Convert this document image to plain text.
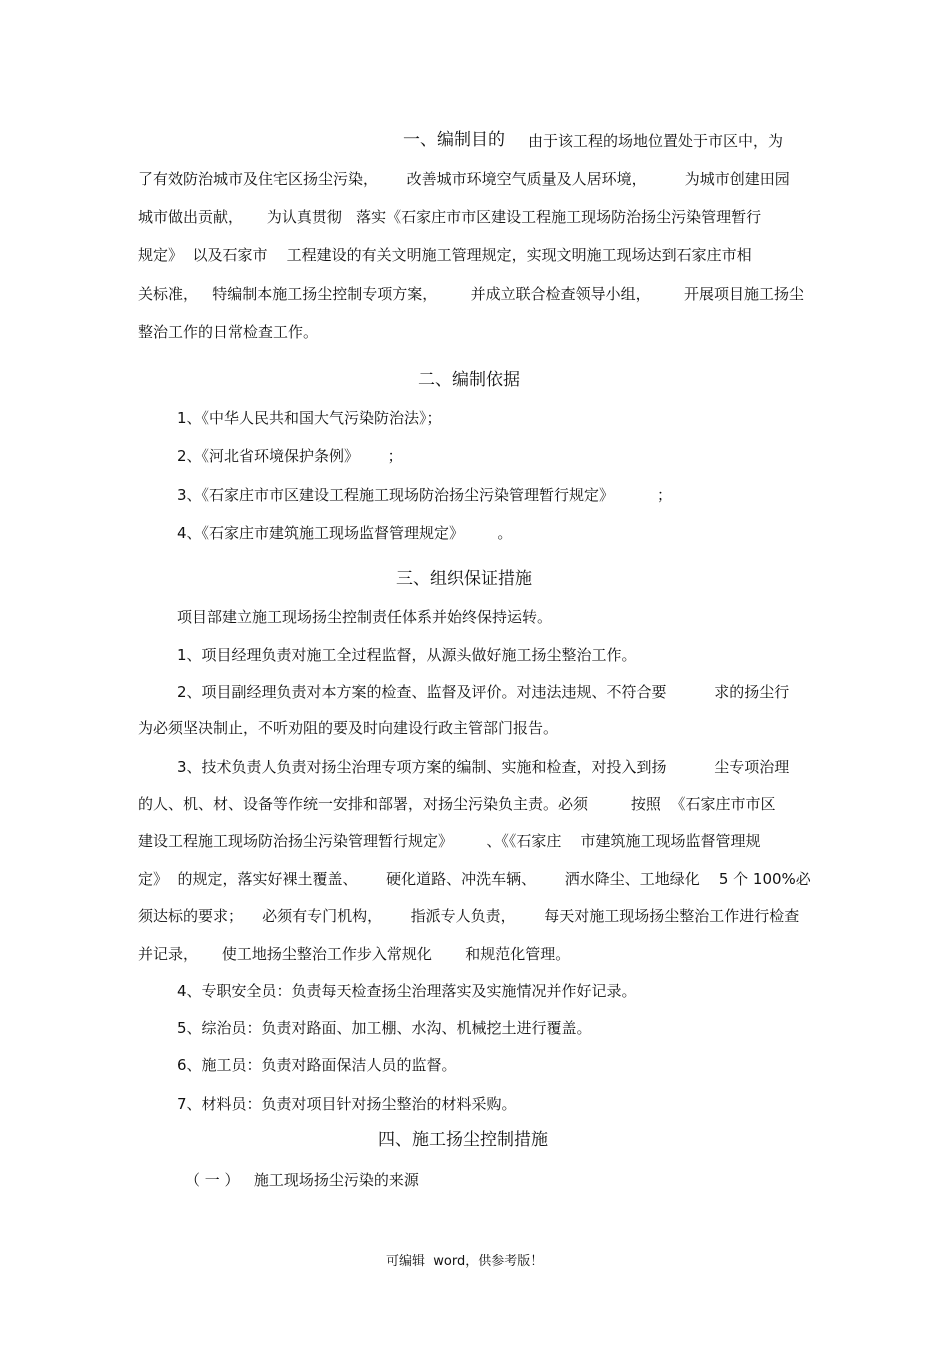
一、编制目的 由于该工程的场地位置处于市区中，为
了有效防治城市及住宅区扬尘污染，      改善城市环境空气质量及人居环境，        为城市创建田园
城市做出贡献，     为认真贯彻   落实《石家庄市市区建设工程施工现场防治扬尘污染管理暂行
规定》  以及石家市    工程建设的有关文明施工管理规定，实现文明施工现场达到石家庄市相
关标准，   特编制本施工扬尘控制专项方案，       并成立联合检查领导小组，       开展项目施工扬尘
整治工作的日常检查工作。
二、编制依据
1、《中华人民共和国大气污染防治法》；
2、《河北省环境保护条例》      ；
3、《石家庄市市区建设工程施工现场防治扬尘污染管理暂行规定》         ；
4、《石家庄市建筑施工现场监督管理规定》       。
三、组织保证措施
项目部建立施工现场扬尘控制责任体系并始终保持运转。
1、项目经理负责对施工全过程监督，从源头做好施工扬尘整治工作。
2、项目副经理负责对本方案的检查、监督及评价。对违法违规、不符合要          求的扬尘行
为必须坚决制止，不听劝阻的要及时向建设行政主管部门报告。
3、技术负责人负责对扬尘治理专项方案的编制、实施和检查，对投入到扬          尘专项治理
的人、机、材、设备等作统一安排和部署，对扬尘污染负主责。必须         按照  《石家庄市市区
建设工程施工现场防治扬尘污染管理暂行规定》       、《《石家庄    市建筑施工现场监督管理规
定》  的规定，落实好裸土覆盖、      硬化道路、冲洗车辆、      洒水降尘、工地绿化    5 个 100%必
须达标的要求；    必须有专门机构，      指派专人负责，      每天对施工现场扬尘整治工作进行检查
并记录，     使工地扬尘整治工作步入常规化       和规范化管理。
4、专职安全员：负责每天检查扬尘治理落实及实施情况并作好记录。
5、综治员：负责对路面、加工棚、水沟、机械挖土进行覆盖。
6、施工员：负责对路面保洁人员的监督。
7、材料员：负责对项目针对扬尘整治的材料采购。
四、施工扬尘控制措施
（ 一 ）   施工现场扬尘污染的来源
可编辑  word，供参考版！
